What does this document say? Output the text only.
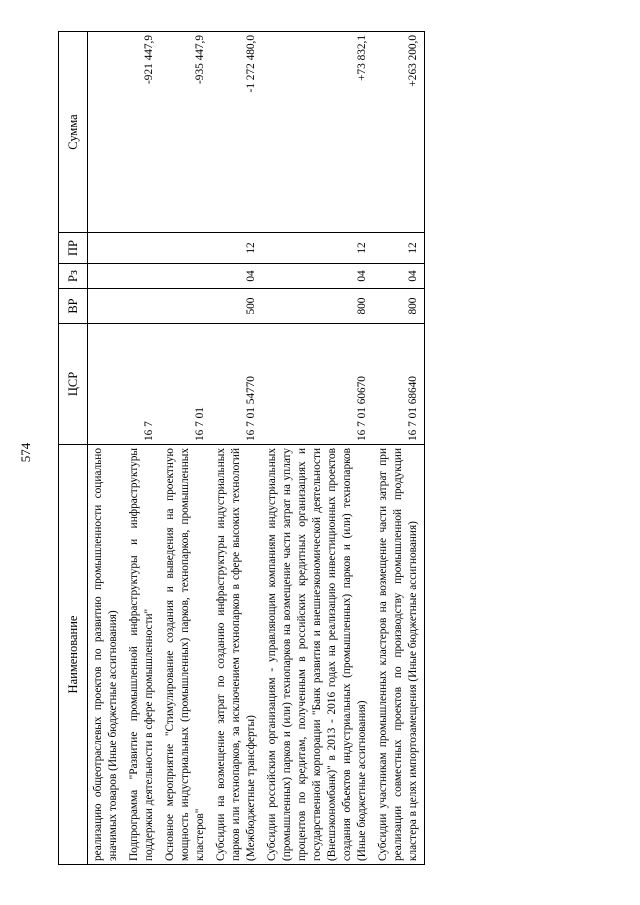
574
Наименование	ЦСР	ВР	Рз	ПР	Сумма
реализацию общеотраслевых проектов по развитию промышленности социально значимых товаров (Иные бюджетные ассигнования)					
Подпрограмма "Развитие промышленной инфраструктуры и инфраструктуры поддержки деятельности в сфере промышленности"	16 7				-921 447,9
Основное мероприятие "Стимулирование создания и выведения на проектную мощность индустриальных (промышленных) парков, технопарков, промышленных кластеров"	16 7 01				-935 447,9
Субсидии на возмещение затрат по созданию инфраструктуры индустриальных парков или технопарков, за исключением технопарков в сфере высоких технологий (Межбюджетные трансферты)	16 7 01 54770	500	04	12	-1 272 480,0
Субсидии российским организациям - управляющим компаниям индустриальных (промышленных) парков и (или) технопарков на возмещение части затрат на уплату процентов по кредитам, полученным в российских кредитных организациях и государственной корпорации "Банк развития и внешнеэкономической деятельности (Внешэкономбанк)" в 2013 - 2016 годах на реализацию инвестиционных проектов создания объектов индустриальных (промышленных) парков и (или) технопарков (Иные бюджетные ассигнования)	16 7 01 60670	800	04	12	+73 832,1
Субсидии участникам промышленных кластеров на возмещение части затрат при реализации совместных проектов по производству промышленной продукции кластера в целях импортозамещения (Иные бюджетные ассигнования)	16 7 01 68640	800	04	12	+263 200,0
